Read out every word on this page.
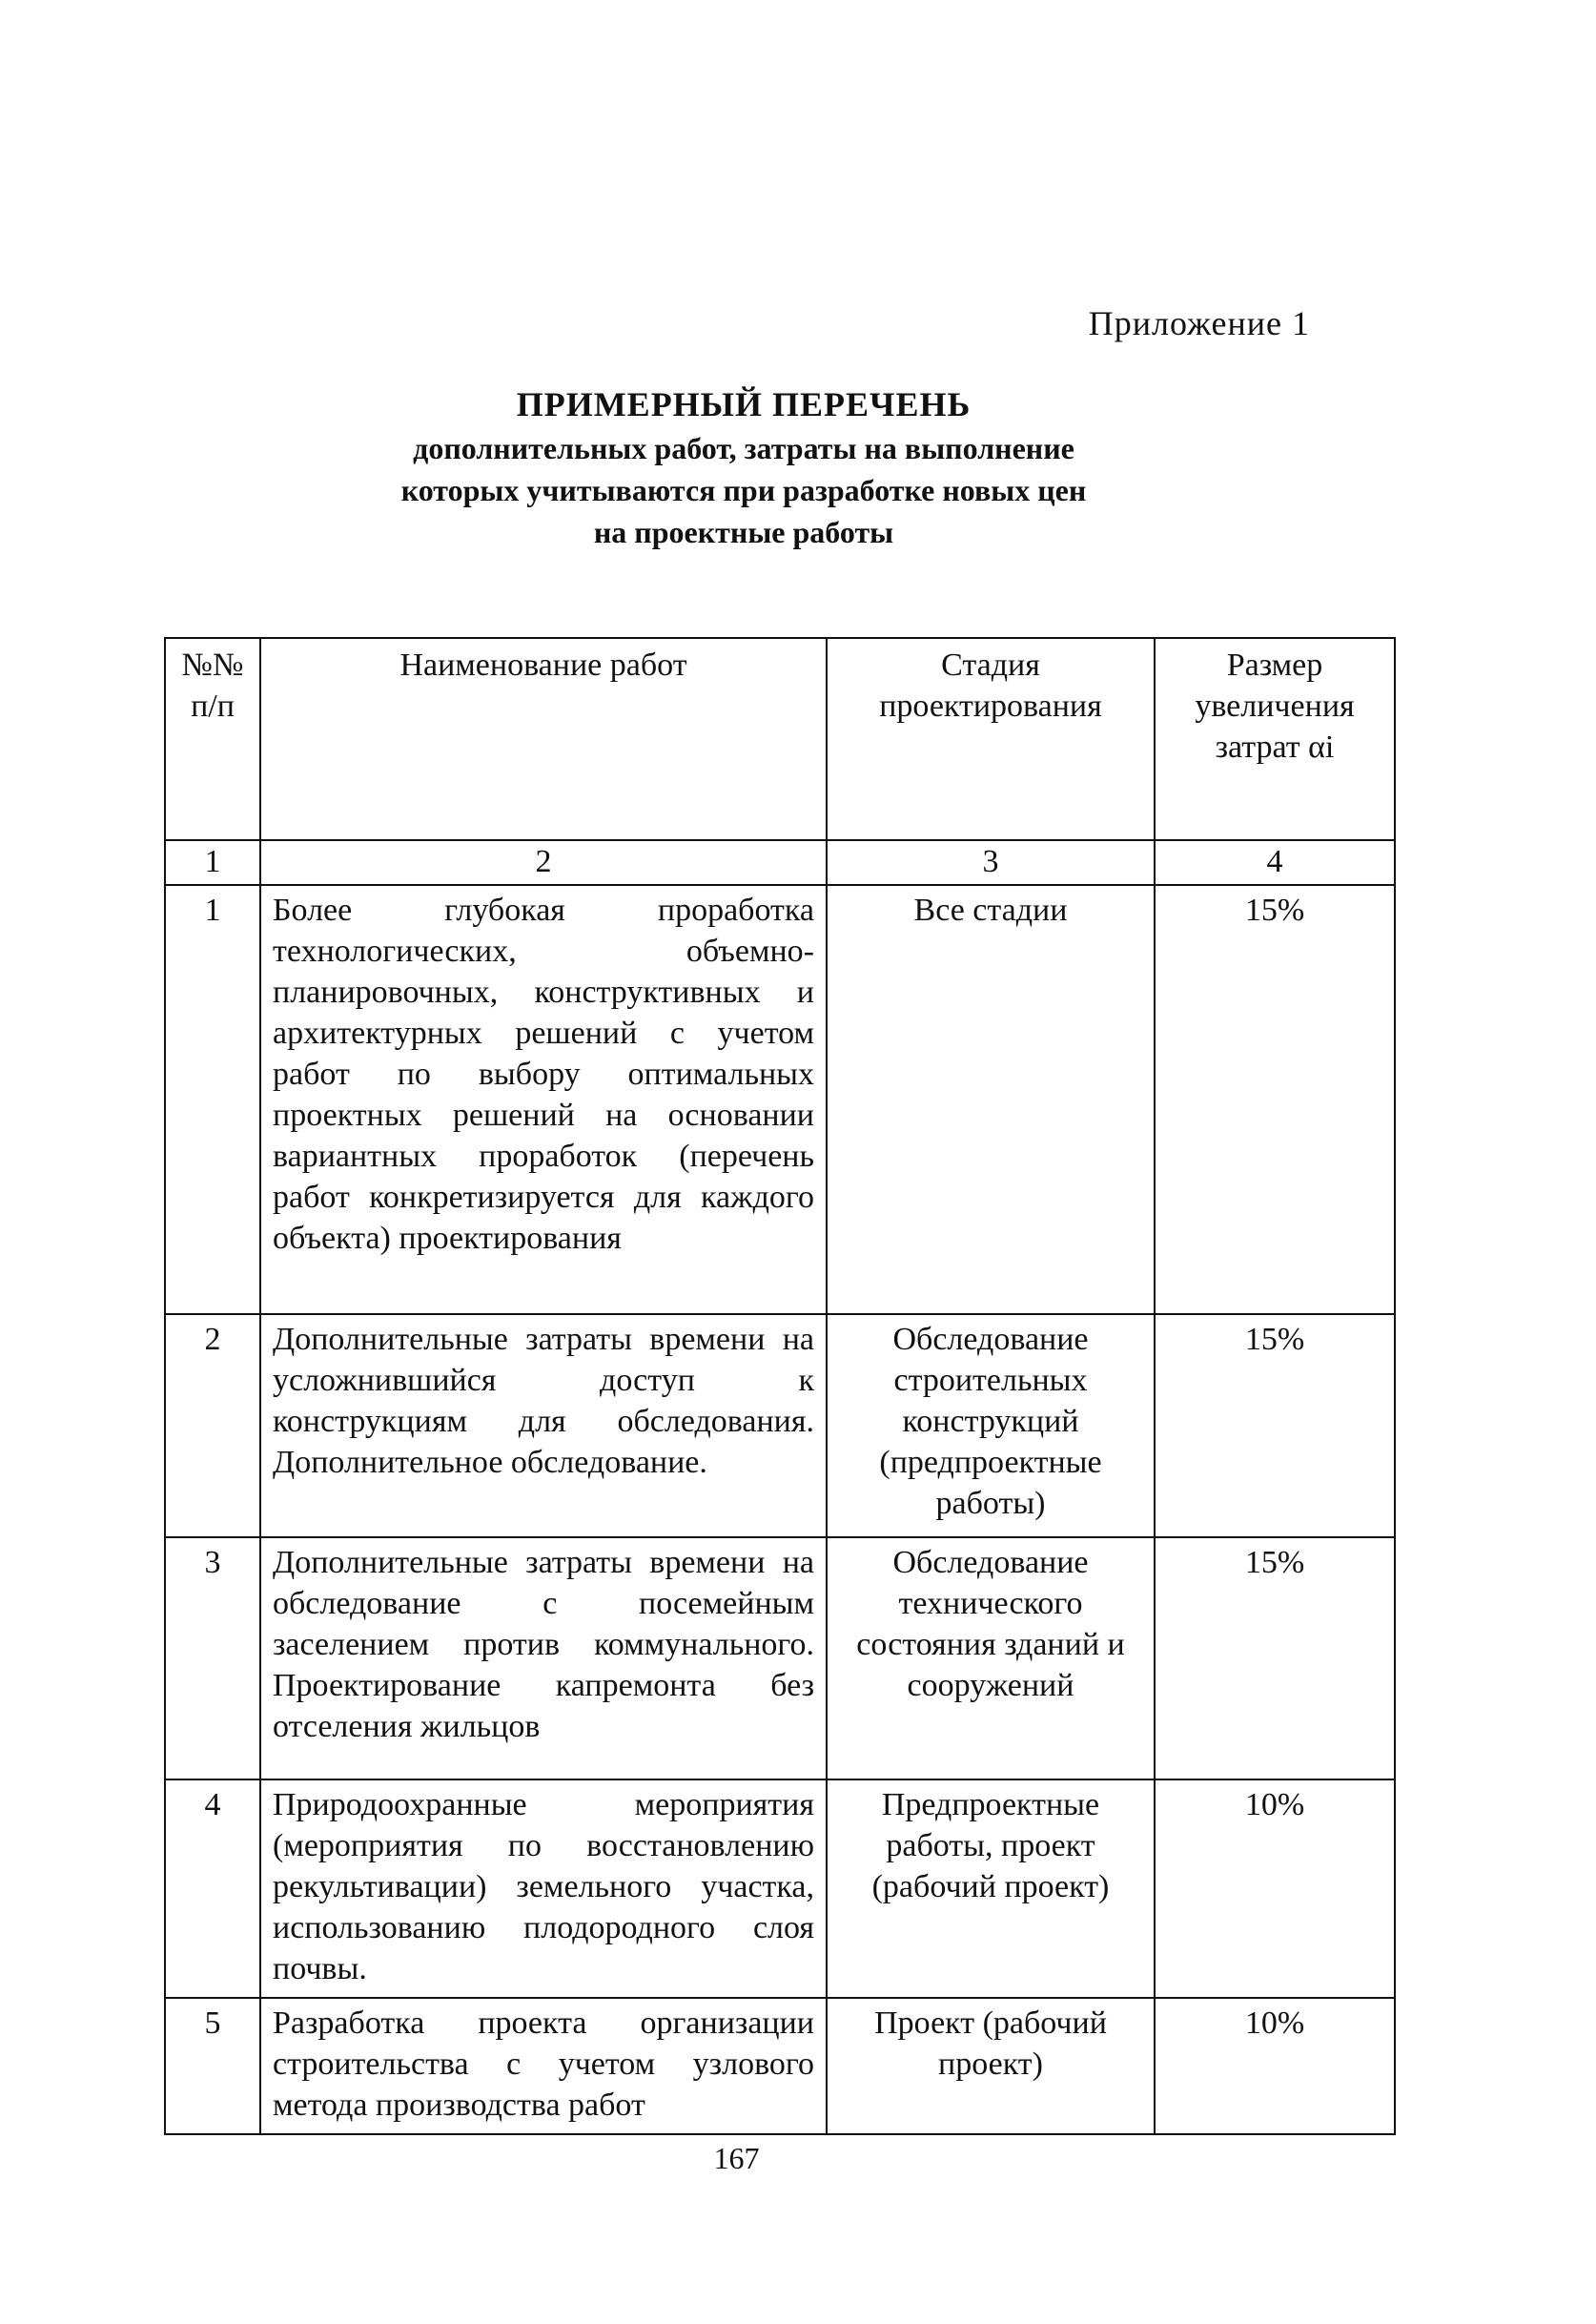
Приложение 1
ПРИМЕРНЫЙ ПЕРЕЧЕНЬ
дополнительных работ, затраты на выполнение
которых учитываются при разработке новых цен
на проектные работы
№№ п/п	Наименование работ	Стадия проектирования	Размер увеличения затрат αi
1	2	3	4
1	Более глубокая проработка технологических, объемно-планировочных, конструктивных и архитектурных решений с учетом работ по выбору оптимальных проектных решений на основании вариантных проработок (перечень работ конкретизируется для каждого объекта) проектирования	Все стадии	15%
2	Дополнительные затраты времени на усложнившийся доступ к конструкциям для обследования. Дополнительное обследование.	Обследование строительных конструкций (предпроектные работы)	15%
3	Дополнительные затраты времени на обследование с посемейным заселением против коммунального. Проектирование капремонта без отселения жильцов	Обследование технического состояния зданий и сооружений	15%
4	Природоохранные мероприятия (мероприятия по восстановлению рекультивации) земельного участка, использованию плодородного слоя почвы.	Предпроектные работы, проект (рабочий проект)	10%
5	Разработка проекта организации строительства с учетом узлового метода производства работ	Проект (рабочий проект)	10%
167
